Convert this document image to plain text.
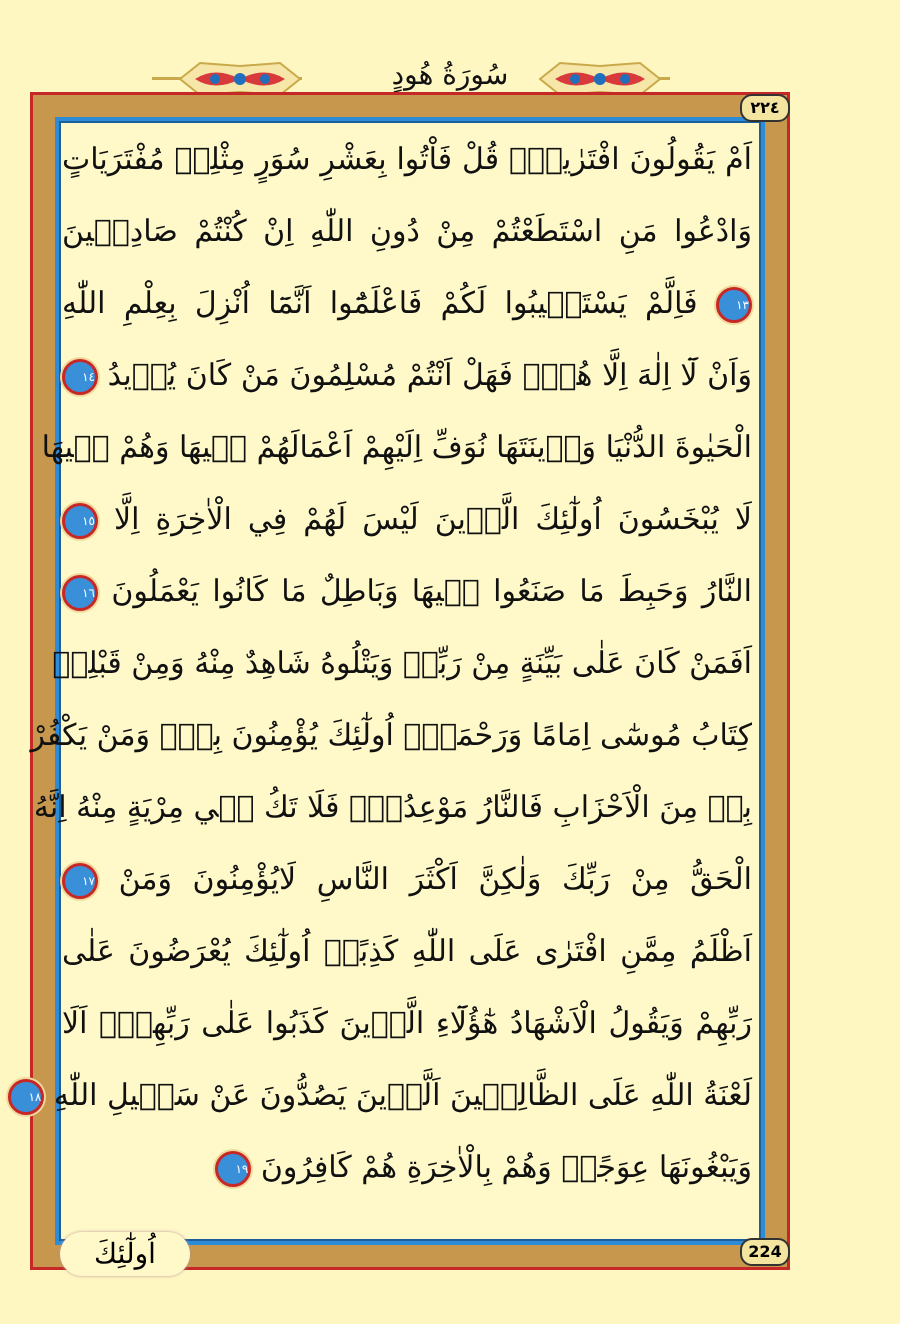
سُورَةُ هُودٍ
٢٢٤
224
اَمْ يَقُولُونَ افْتَرٰيهُۜ قُلْ فَاْتُوا بِعَشْرِ سُوَرٍ مِثْلِهٖ مُفْتَرَيَاتٍ
وَادْعُوا مَنِ اسْتَطَعْتُمْ مِنْ دُونِ اللّٰهِ اِنْ كُنْتُمْ صَادِقٖينَ
١٣ فَاِلَّمْ يَسْتَجٖيبُوا لَكُمْ فَاعْلَمُٓوا اَنَّمَٓا اُنْزِلَ بِعِلْمِ اللّٰهِ
وَاَنْ لَٓا اِلٰهَ اِلَّا هُوَۚ فَهَلْ اَنْتُمْ مُسْلِمُونَ مَنْ كَانَ يُرٖيدُ ١٤
الْحَيٰوةَ الدُّنْيَا وَزٖينَتَهَا نُوَفِّ اِلَيْهِمْ اَعْمَالَهُمْ فٖيهَا وَهُمْ فٖيهَا
لَا يُبْخَسُونَ اُولٰٓئِكَ الَّذٖينَ لَيْسَ لَهُمْ فِي الْاٰخِرَةِ اِلَّا ١٥
النَّارُ وَحَبِطَ مَا صَنَعُوا فٖيهَا وَبَاطِلٌ مَا كَانُوا يَعْمَلُونَ ١٦
اَفَمَنْ كَانَ عَلٰى بَيِّنَةٍ مِنْ رَبِّهٖ وَيَتْلُوهُ شَاهِدٌ مِنْهُ وَمِنْ قَبْلِهٖ
كِتَابُ مُوسٰٓى اِمَامًا وَرَحْمَةًۜ اُولٰٓئِكَ يُؤْمِنُونَ بِهٖۜ وَمَنْ يَكْفُرْ
بِهٖ مِنَ الْاَحْزَابِ فَالنَّارُ مَوْعِدُهُۚ فَلَا تَكُ فٖي مِرْيَةٍ مِنْهُ اِنَّهُ
الْحَقُّ مِنْ رَبِّكَ وَلٰكِنَّ اَكْثَرَ النَّاسِ لَايُؤْمِنُونَ وَمَنْ ١٧
اَظْلَمُ مِمَّنِ افْتَرٰى عَلَى اللّٰهِ كَذِبًاۜ اُولٰٓئِكَ يُعْرَضُونَ عَلٰى
رَبِّهِمْ وَيَقُولُ الْاَشْهَادُ هٰٓؤُلَٓاءِ الَّذٖينَ كَذَبُوا عَلٰى رَبِّهِمْۚ اَلَا
لَعْنَةُ اللّٰهِ عَلَى الظَّالِمٖينَ اَلَّذٖينَ يَصُدُّونَ عَنْ سَبٖيلِ اللّٰهِ ١٨
وَيَبْغُونَهَا عِوَجًاۜ وَهُمْ بِالْاٰخِرَةِ هُمْ كَافِرُونَ ١٩
اُولٰٓئِكَ
